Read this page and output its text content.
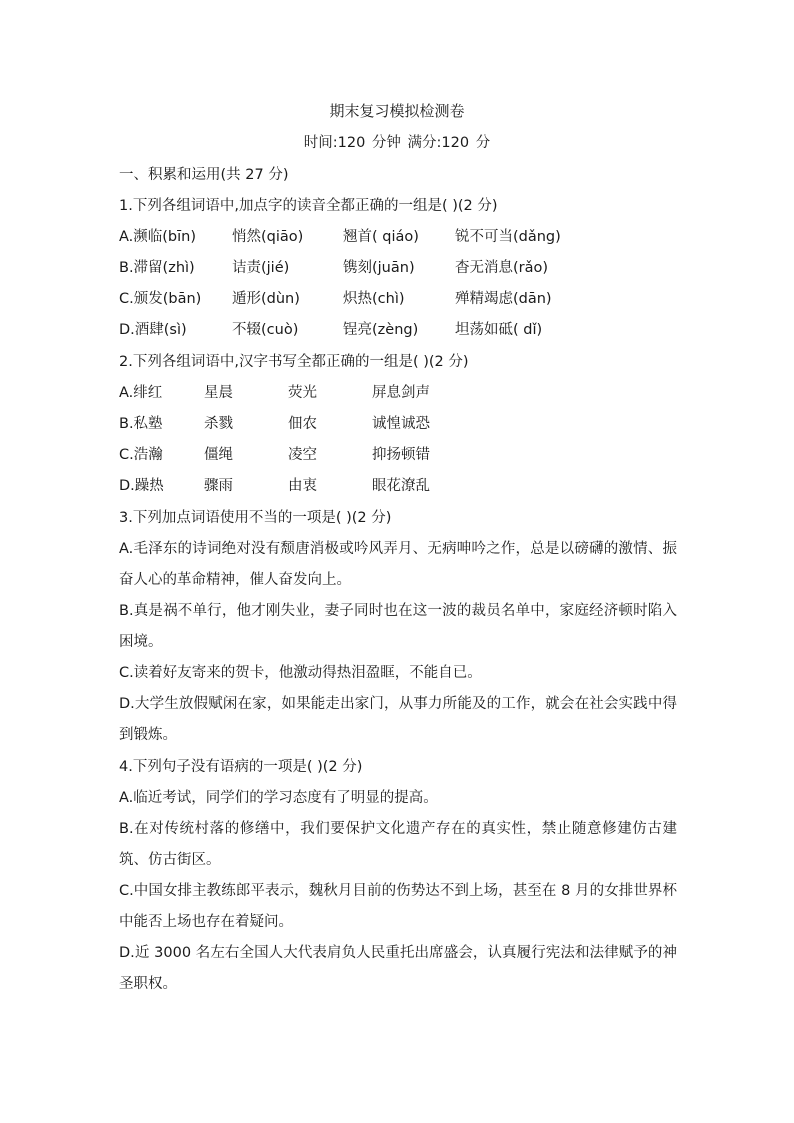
期末复习模拟检测卷
时间:120 分钟 满分:120 分
一、积累和运用(共 27 分)
1.下列各组词语中,加点字的读音全都正确的一组是( )(2 分)
A.濒临(bīn) 悄然(qiāo)	翘首( qiáo) 锐不可当(dǎng)
B.滞留(zhì)	诘责(jié)	镌刻(juān)	杳无消息(rǎo)
C.颁发(bān) 遁形(dùn)	炽热(chì)	殚精竭虑(dān)
D.酒肆(sì)	不辍(cuò)	锃亮(zèng)	坦荡如砥( dǐ)
2.下列各组词语中,汉字书写全都正确的一组是( )(2 分)
A.绯红	星晨	荧光	屏息剑声
B.私塾	杀戮	佃农	诚惶诚恐
C.浩瀚	僵绳	凌空	抑扬顿错
D.躁热	骤雨	由衷	眼花潦乱
3.下列加点词语使用不当的一项是( )(2 分)
A.毛泽东的诗词绝对没有颓唐消极或吟风弄月、无病呻吟之作，总是以磅礴的激情、振奋人心的革命精神，催人奋发向上。
B.真是祸不单行，他才刚失业，妻子同时也在这一波的裁员名单中，家庭经济顿时陷入困境。
C.读着好友寄来的贺卡，他激动得热泪盈眶，不能自已。
D.大学生放假赋闲在家，如果能走出家门，从事力所能及的工作，就会在社会实践中得到锻炼。
4.下列句子没有语病的一项是( )(2 分)
A.临近考试，同学们的学习态度有了明显的提高。
B.在对传统村落的修缮中，我们要保护文化遗产存在的真实性，禁止随意修建仿古建筑、仿古街区。
C.中国女排主教练郎平表示，魏秋月目前的伤势达不到上场，甚至在 8 月的女排世界杯中能否上场也存在着疑问。
D.近 3000 名左右全国人大代表肩负人民重托出席盛会，认真履行宪法和法律赋予的神圣职权。
